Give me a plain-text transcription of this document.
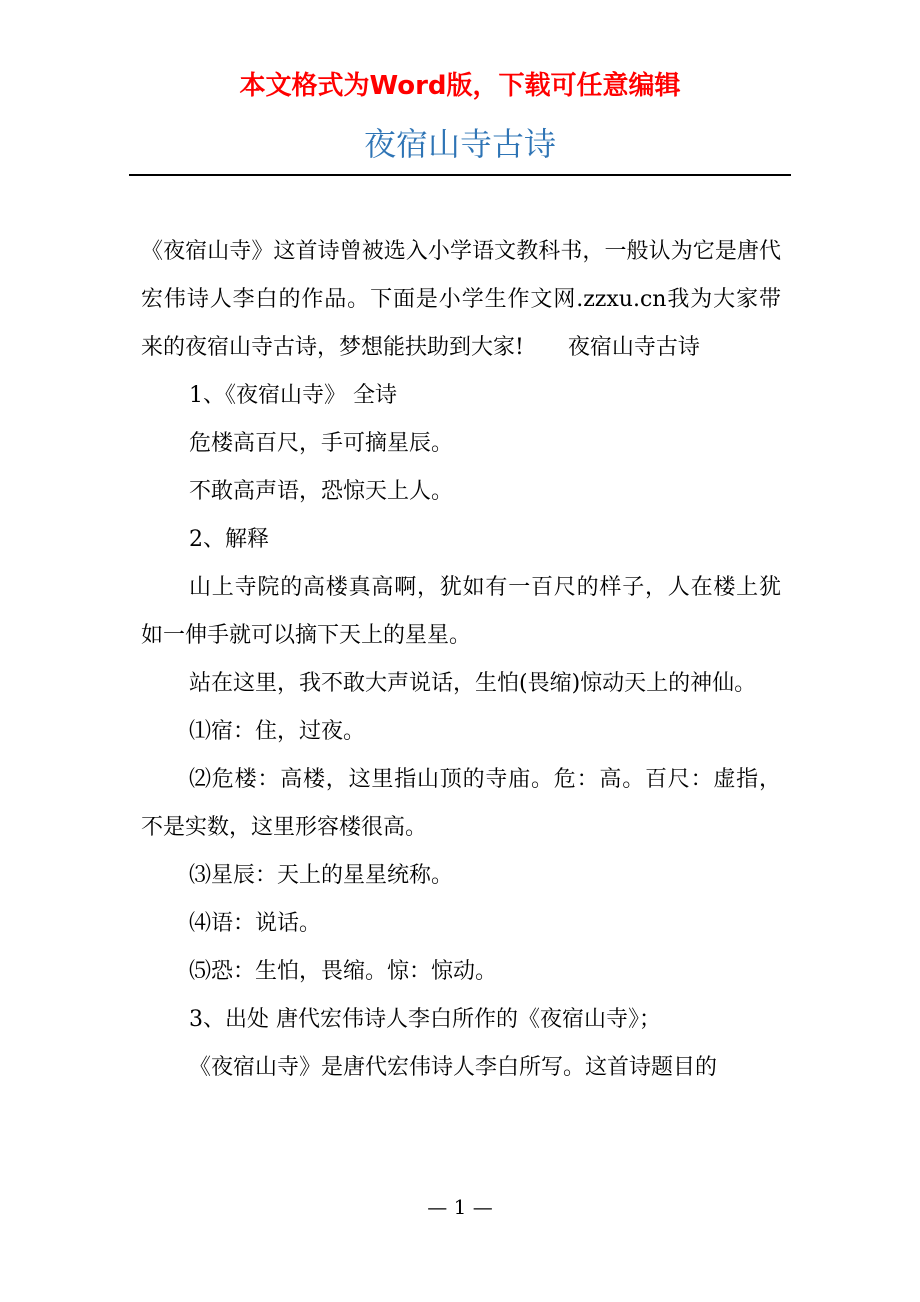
本文格式为Word版，下载可任意编辑
夜宿山寺古诗

《夜宿山寺》这首诗曾被选入小学语文教科书，一般认为它是唐代宏伟诗人李白的作品。下面是小学生作文网.zzxu.cn我为大家带来的夜宿山寺古诗，梦想能扶助到大家!　　夜宿山寺古诗

1、《夜宿山寺》 全诗

危楼高百尺，手可摘星辰。

不敢高声语，恐惊天上人。

2、解释

山上寺院的高楼真高啊，犹如有一百尺的样子，人在楼上犹如一伸手就可以摘下天上的星星。

站在这里，我不敢大声说话，生怕(畏缩)惊动天上的神仙。

⑴宿：住，过夜。

⑵危楼：高楼，这里指山顶的寺庙。危：高。百尺：虚指，不是实数，这里形容楼很高。

⑶星辰：天上的星星统称。

⑷语：说话。

⑸恐：生怕，畏缩。惊：惊动。

3、出处 唐代宏伟诗人李白所作的《夜宿山寺》；

《夜宿山寺》是唐代宏伟诗人李白所写。这首诗题目的

— 1 —
